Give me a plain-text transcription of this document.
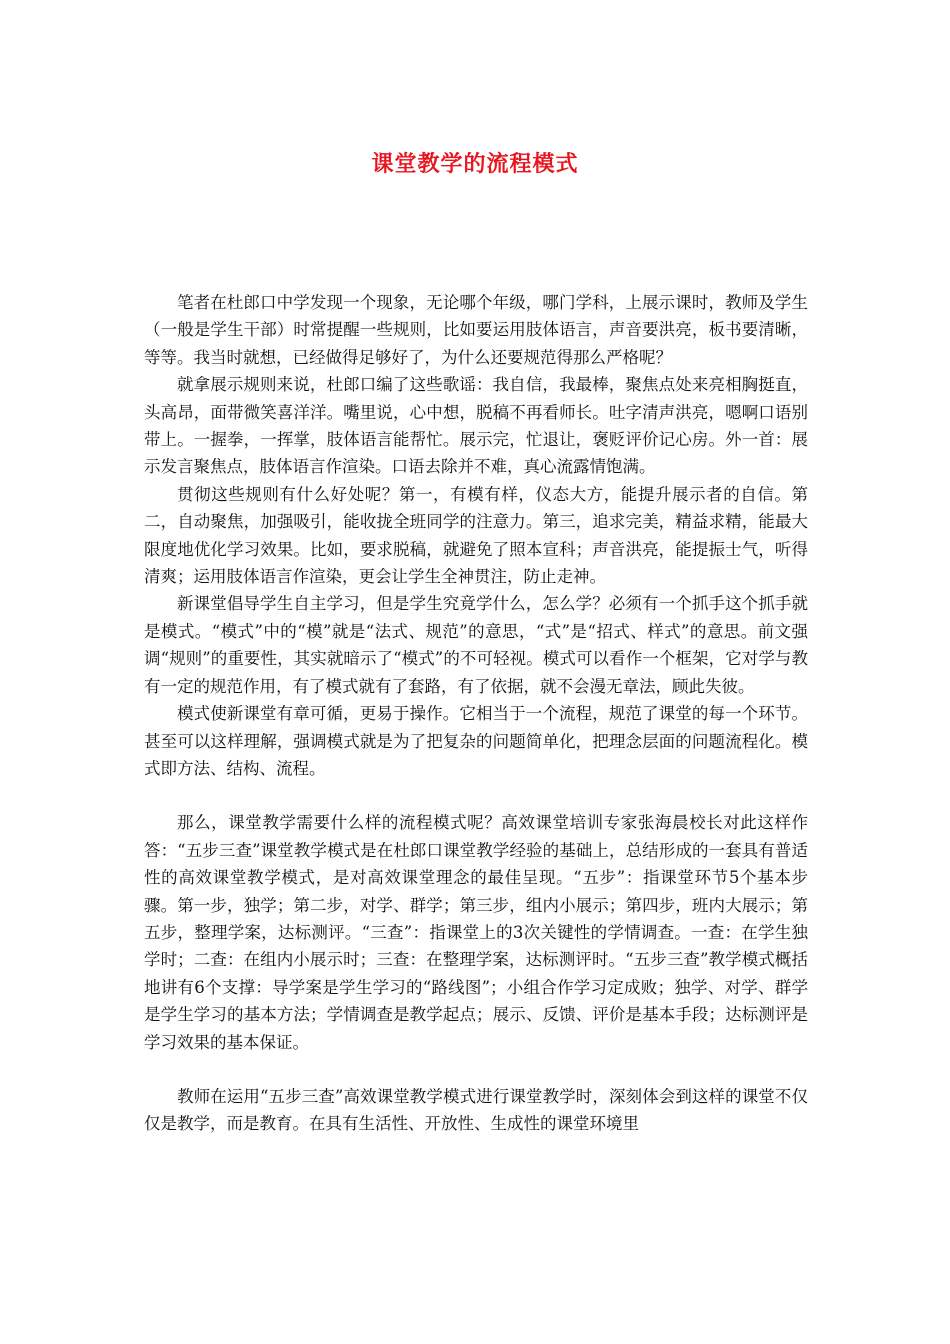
课堂教学的流程模式

笔者在杜郎口中学发现一个现象，无论哪个年级，哪门学科，上展示课时，教师及学生（一般是学生干部）时常提醒一些规则，比如要运用肢体语言，声音要洪亮，板书要清晰，等等。我当时就想，已经做得足够好了，为什么还要规范得那么严格呢？

就拿展示规则来说，杜郎口编了这些歌谣：我自信，我最棒，聚焦点处来亮相胸挺直，头高昂，面带微笑喜洋洋。嘴里说，心中想，脱稿不再看师长。吐字清声洪亮，嗯啊口语别带上。一握拳，一挥掌，肢体语言能帮忙。展示完，忙退让，褒贬评价记心房。外一首：展示发言聚焦点，肢体语言作渲染。口语去除并不难，真心流露情饱满。

贯彻这些规则有什么好处呢？第一，有模有样，仪态大方，能提升展示者的自信。第二，自动聚焦，加强吸引，能收拢全班同学的注意力。第三，追求完美，精益求精，能最大限度地优化学习效果。比如，要求脱稿，就避免了照本宣科；声音洪亮，能提振士气，听得清爽；运用肢体语言作渲染，更会让学生全神贯注，防止走神。

新课堂倡导学生自主学习，但是学生究竟学什么，怎么学？必须有一个抓手这个抓手就是模式。“模式”中的“模”就是“法式、规范”的意思，“式”是“招式、样式”的意思。前文强调“规则”的重要性，其实就暗示了“模式”的不可轻视。模式可以看作一个框架，它对学与教有一定的规范作用，有了模式就有了套路，有了依据，就不会漫无章法，顾此失彼。

模式使新课堂有章可循，更易于操作。它相当于一个流程，规范了课堂的每一个环节。甚至可以这样理解，强调模式就是为了把复杂的问题简单化，把理念层面的问题流程化。模式即方法、结构、流程。

那么，课堂教学需要什么样的流程模式呢？高效课堂培训专家张海晨校长对此这样作答：“五步三查”课堂教学模式是在杜郎口课堂教学经验的基础上，总结形成的一套具有普适性的高效课堂教学模式，是对高效课堂理念的最佳呈现。“五步”：指课堂环节5个基本步骤。第一步，独学；第二步，对学、群学；第三步，组内小展示；第四步，班内大展示；第五步，整理学案，达标测评。“三查”：指课堂上的3次关键性的学情调查。一查：在学生独学时；二查：在组内小展示时；三查：在整理学案，达标测评时。“五步三查”教学模式概括地讲有6个支撑：导学案是学生学习的“路线图”；小组合作学习定成败；独学、对学、群学是学生学习的基本方法；学情调查是教学起点；展示、反馈、评价是基本手段；达标测评是学习效果的基本保证。

教师在运用“五步三查”高效课堂教学模式进行课堂教学时，深刻体会到这样的课堂不仅仅是教学，而是教育。在具有生活性、开放性、生成性的课堂环境里
